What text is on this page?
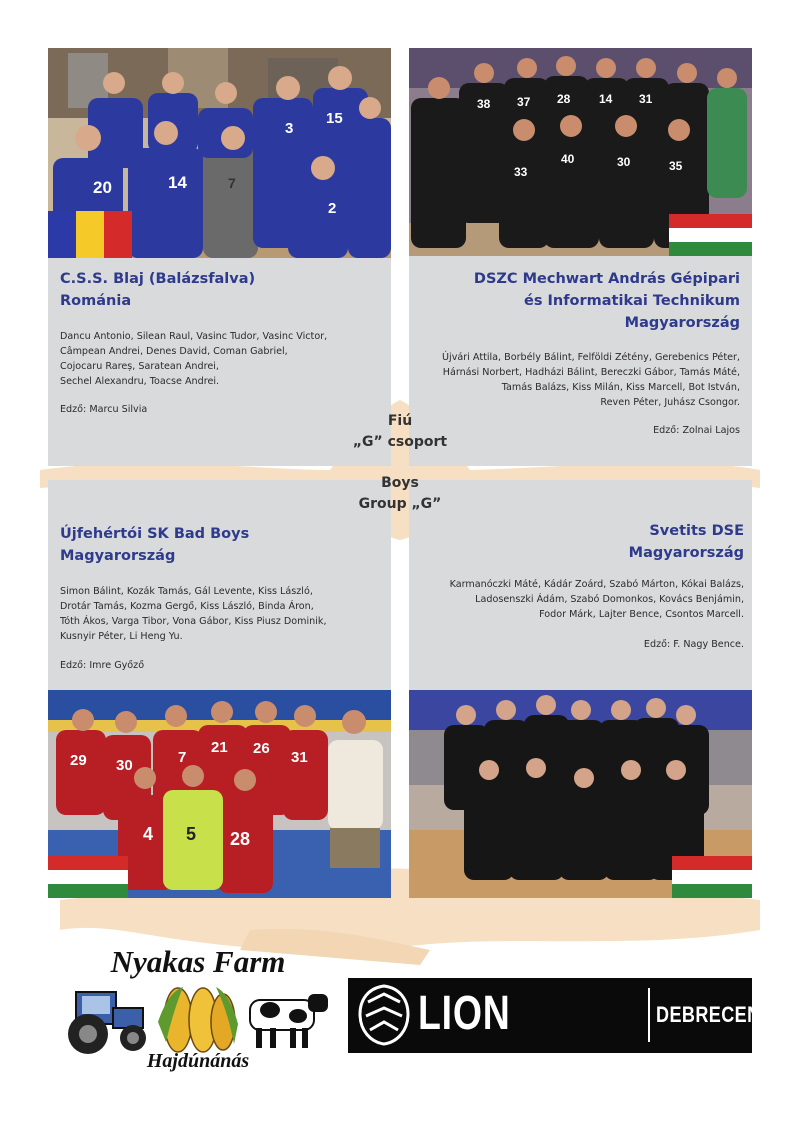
20	14	7
3
15
2
C.S.S. Blaj (Balázsfalva)
Románia
Dancu Antonio, Silean Raul, Vasinc Tudor, Vasinc Victor,
Câmpean Andrei, Denes David, Coman Gabriel,
Cojocaru Rareș, Saratean Andrei,
Sechel Alexandru, Toacse Andrei.
Edző: Marcu Silvia
38 37 28 14 31
33
40	30	35
DSZC Mechwart András Gépipari
és Informatikai Technikum
Magyarország
Újvári Attila, Borbély Bálint, Felföldi Zétény, Gerebenics Péter,
Hárnási Norbert, Hadházi Bálint, Bereczki Gábor, Tamás Máté,
Tamás Balázs, Kiss Milán, Kiss Marcell, Bot István,
Reven Péter, Juhász Csongor.
Edző: Zolnai Lajos
Újfehértói SK Bad Boys
Magyarország
Simon Bálint, Kozák Tamás, Gál Levente, Kiss László,
Drotár Tamás, Kozma Gergő, Kiss László, Binda Áron,
Tóth Ákos, Varga Tibor, Vona Gábor, Kiss Piusz Dominik,
Kusnyir Péter, Li Heng Yu.
Edző: Imre Győző
29 30	7
21 26
31
4 5 28
Svetits DSE
Magyarország
Karmanóczki Máté, Kádár Zoárd, Szabó Márton, Kókai Balázs,
Ladosenszki Ádám, Szabó Domonkos, Kovács Benjámin,
Fodor Márk, Lajter Bence, Csontos Marcell.
Edző: F. Nagy Bence.
Fiú
„G” csoport
Boys
Group „G”
Nyakas Farm
Hajdúnánás
LION FITNESS
DEBRECEN
